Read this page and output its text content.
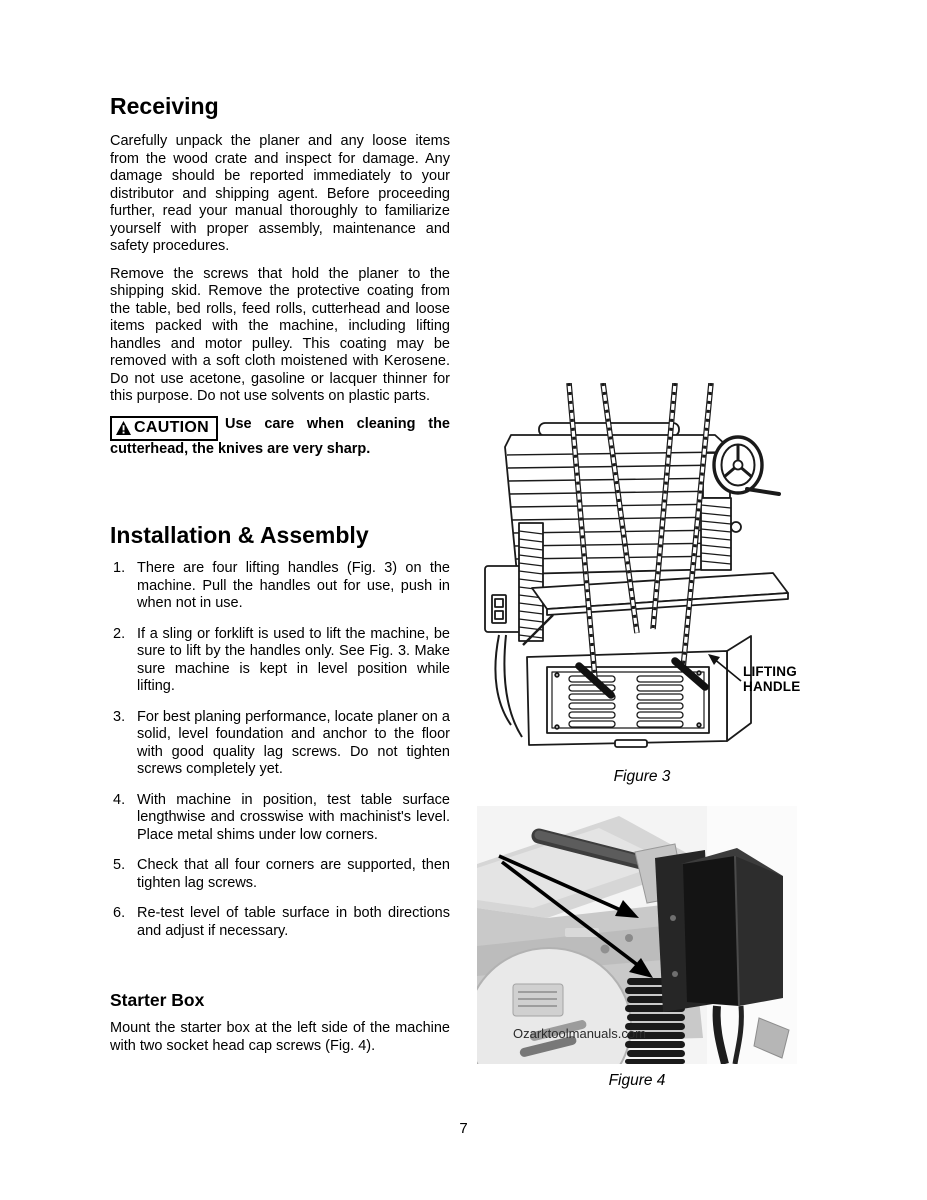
Receiving

Carefully unpack the planer and any loose items from the wood crate and inspect for damage. Any damage should be reported immediately to your distributor and shipping agent. Before proceeding further, read your manual thoroughly to familiarize yourself with proper assembly, maintenance and safety procedures.

Remove the screws that hold the planer to the shipping skid. Remove the protective coating from the table, bed rolls, feed rolls, cutterhead and loose items packed with the machine, including lifting handles and motor pulley. This coating may be removed with a soft cloth moistened with Kerosene. Do not use acetone, gasoline or lacquer thinner for this purpose. Do not use solvents on plastic parts.

CAUTION Use care when cleaning the cutterhead, the knives are very sharp.

Installation & Assembly
1. There are four lifting handles (Fig. 3) on the machine. Pull the handles out for use, push in when not in use.
2. If a sling or forklift is used to lift the machine, be sure to lift by the handles only. See Fig. 3. Make sure machine is kept in level position while lifting.
3. For best planing performance, locate planer on a solid, level foundation and anchor to the floor with good quality lag screws. Do not tighten screws completely yet.
4. With machine in position, test table surface lengthwise and crosswise with machinist's level. Place metal shims under low corners.
5. Check that all four corners are supported, then tighten lag screws.
6. Re-test level of table surface in both directions and adjust if necessary.
Starter Box

Mount the starter box at the left side of the machine with two socket head cap screws (Fig. 4).

LIFTING HANDLE
Figure 3
Ozarktoolmanuals.com
Figure 4
7
